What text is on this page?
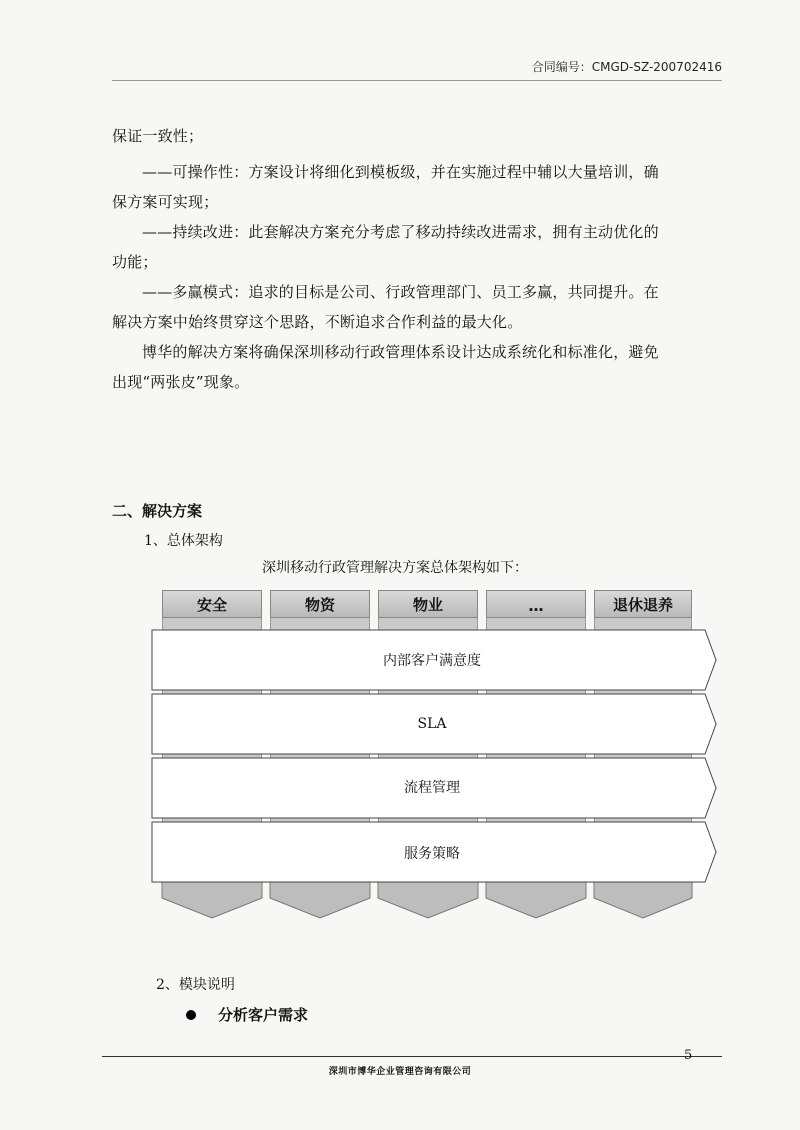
合同编号：CMGD-SZ-200702416
保证一致性；
——可操作性：方案设计将细化到模板级，并在实施过程中辅以大量培训，确保方案可实现；
——持续改进：此套解决方案充分考虑了移动持续改进需求，拥有主动优化的功能；
——多赢模式：追求的目标是公司、行政管理部门、员工多赢，共同提升。在解决方案中始终贯穿这个思路，不断追求合作利益的最大化。
博华的解决方案将确保深圳移动行政管理体系设计达成系统化和标准化，避免出现“两张皮”现象。
二、解决方案
1、总体架构
深圳移动行政管理解决方案总体架构如下：
安全	物资	物业	…	退休退养
内部客户满意度
SLA
流程管理
服务策略
2、模块说明
分析客户需求
5
深圳市博华企业管理咨询有限公司
